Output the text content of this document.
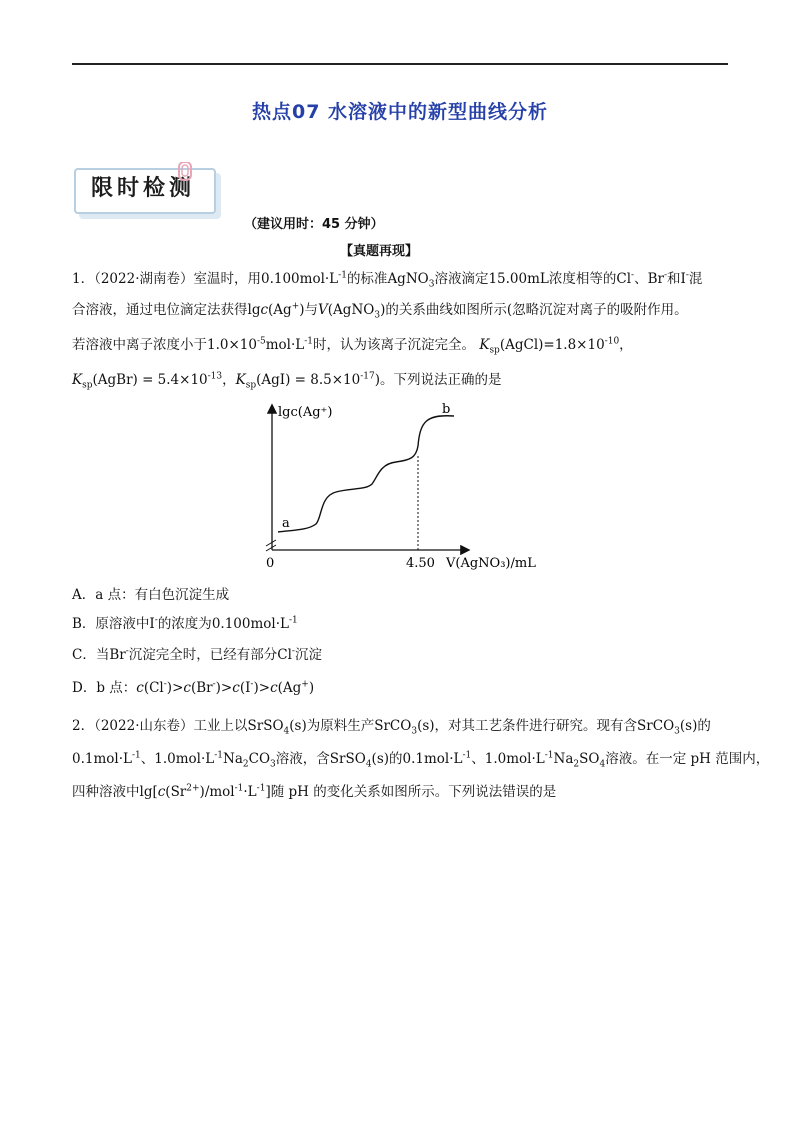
热点07 水溶液中的新型曲线分析
限时检测
（建议用时：45 分钟）
【真题再现】
1．（2022·湖南卷）室温时，用$0.100mol\cdot L^{-1}$的标准AgNO$_3$溶液滴定15.00mL浓度相等的Cl-、Br-和I-混
合溶液，通过电位滴定法获得lgc(Ag+)与V(AgNO$_3$)的关系曲线如图所示(忽略沉淀对离子的吸附作用。
若溶液中离子浓度小于$1.0\times 10^{-5}mol\cdot L^{-1}$时，认为该离子沉淀完全。 $K_{sp}(AgCl)=1.8\times 10^{-10}$，
$K_{sp}(AgBr) = 5.4\times 10^{-13}$，$K_{sp}(AgI) = 8.5\times 10^{-17}$)。下列说法正确的是
lgc(Ag⁺)
V(AgNO₃)/mL
0	4.50
a
b
A．a 点：有白色沉淀生成
B．原溶液中I-的浓度为$0.100mol\cdot L^{-1}$
C．当Br-沉淀完全时，已经有部分Cl-沉淀
D．b 点：c(Cl-)>c(Br-)>c(I-)>c(Ag+)
2．（2022·山东卷）工业上以SrSO$_4$(s)为原料生产SrCO$_3$(s)，对其工艺条件进行研究。现有含SrCO$_3$(s)的
$0.1mol\cdot L^{-1}$、$1.0mol\cdot L^{-1}Na_2CO_3$溶液，含SrSO$_4$(s)的$0.1mol\cdot L^{-1}$、$1.0mol\cdot L^{-1}Na_2SO_4$溶液。在一定 pH 范围内，
四种溶液中$\lg[c(Sr^{2+})/mol^{-1}\cdot L^{-1}]$随 pH 的变化关系如图所示。下列说法错误的是
